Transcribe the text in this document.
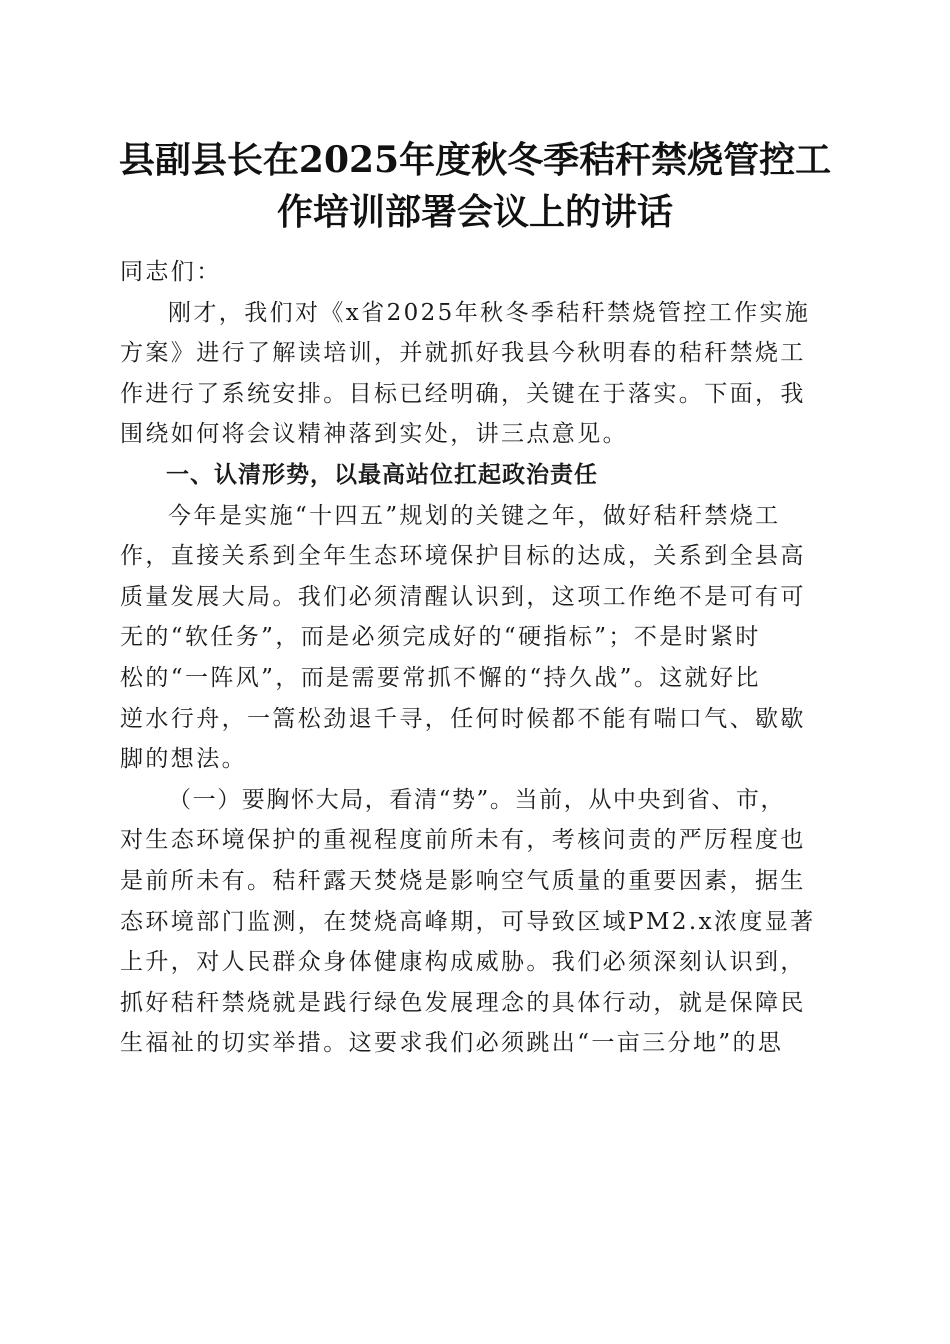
县副县长在2025年度秋冬季秸秆禁烧管控工
作培训部署会议上的讲话
同志们：
刚才，我们对《x省2025年秋冬季秸秆禁烧管控工作实施
方案》进行了解读培训，并就抓好我县今秋明春的秸秆禁烧工
作进行了系统安排。目标已经明确，关键在于落实。下面，我
围绕如何将会议精神落到实处，讲三点意见。
一、认清形势，以最高站位扛起政治责任
今年是实施“十四五”规划的关键之年，做好秸秆禁烧工
作，直接关系到全年生态环境保护目标的达成，关系到全县高
质量发展大局。我们必须清醒认识到，这项工作绝不是可有可
无的“软任务”，而是必须完成好的“硬指标”；不是时紧时
松的“一阵风”，而是需要常抓不懈的“持久战”。这就好比
逆水行舟，一篙松劲退千寻，任何时候都不能有喘口气、歇歇
脚的想法。
（一）要胸怀大局，看清“势”。当前，从中央到省、市，
对生态环境保护的重视程度前所未有，考核问责的严厉程度也
是前所未有。秸秆露天焚烧是影响空气质量的重要因素，据生
态环境部门监测，在焚烧高峰期，可导致区域PM2.x浓度显著
上升，对人民群众身体健康构成威胁。我们必须深刻认识到，
抓好秸秆禁烧就是践行绿色发展理念的具体行动，就是保障民
生福祉的切实举措。这要求我们必须跳出“一亩三分地”的思
